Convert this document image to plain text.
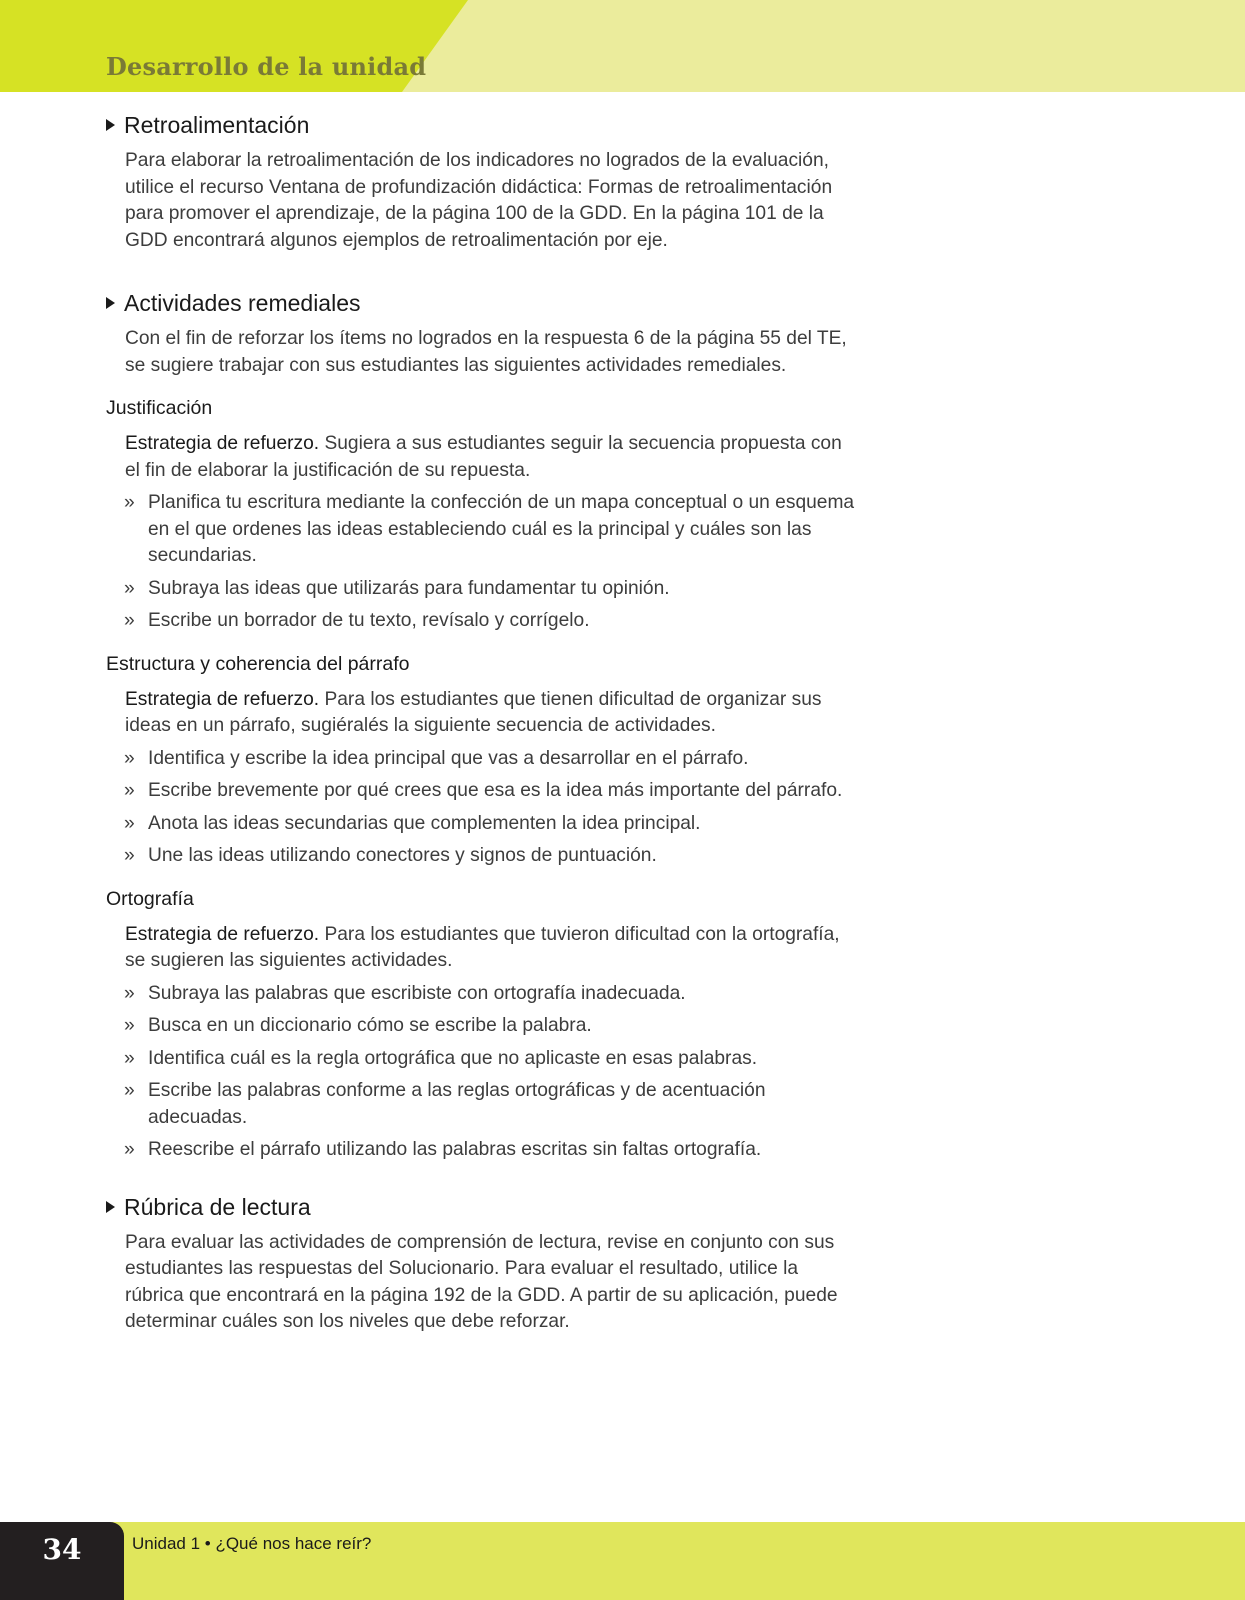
Desarrollo de la unidad
Retroalimentación

Para elaborar la retroalimentación de los indicadores no logrados de la evaluación, utilice el recurso Ventana de profundización didáctica: Formas de retroalimentación para promover el aprendizaje, de la página 100 de la GDD. En la página 101 de la GDD encontrará algunos ejemplos de retroalimentación por eje.

Actividades remediales

Con el fin de reforzar los ítems no logrados en la respuesta 6 de la página 55 del TE, se sugiere trabajar con sus estudiantes las siguientes actividades remediales.

Justificación

Estrategia de refuerzo. Sugiera a sus estudiantes seguir la secuencia propuesta con el fin de elaborar la justificación de su repuesta.

» Planifica tu escritura mediante la confección de un mapa conceptual o un esquema en el que ordenes las ideas estableciendo cuál es la principal y cuáles son las secundarias.
» Subraya las ideas que utilizarás para fundamentar tu opinión.
» Escribe un borrador de tu texto, revísalo y corrígelo.
Estructura y coherencia del párrafo

Estrategia de refuerzo. Para los estudiantes que tienen dificultad de organizar sus ideas en un párrafo, sugiéralés la siguiente secuencia de actividades.

» Identifica y escribe la idea principal que vas a desarrollar en el párrafo.
» Escribe brevemente por qué crees que esa es la idea más importante del párrafo.
» Anota las ideas secundarias que complementen la idea principal.
» Une las ideas utilizando conectores y signos de puntuación.
Ortografía

Estrategia de refuerzo. Para los estudiantes que tuvieron dificultad con la ortografía, se sugieren las siguientes actividades.

» Subraya las palabras que escribiste con ortografía inadecuada.
» Busca en un diccionario cómo se escribe la palabra.
» Identifica cuál es la regla ortográfica que no aplicaste en esas palabras.
» Escribe las palabras conforme a las reglas ortográficas y de acentuación adecuadas.
» Reescribe el párrafo utilizando las palabras escritas sin faltas ortografía.
Rúbrica de lectura

Para evaluar las actividades de comprensión de lectura, revise en conjunto con sus estudiantes las respuestas del Solucionario. Para evaluar el resultado, utilice la rúbrica que encontrará en la página 192 de la GDD. A partir de su aplicación, puede determinar cuáles son los niveles que debe reforzar.

34	Unidad 1 • ¿Qué nos hace reír?
